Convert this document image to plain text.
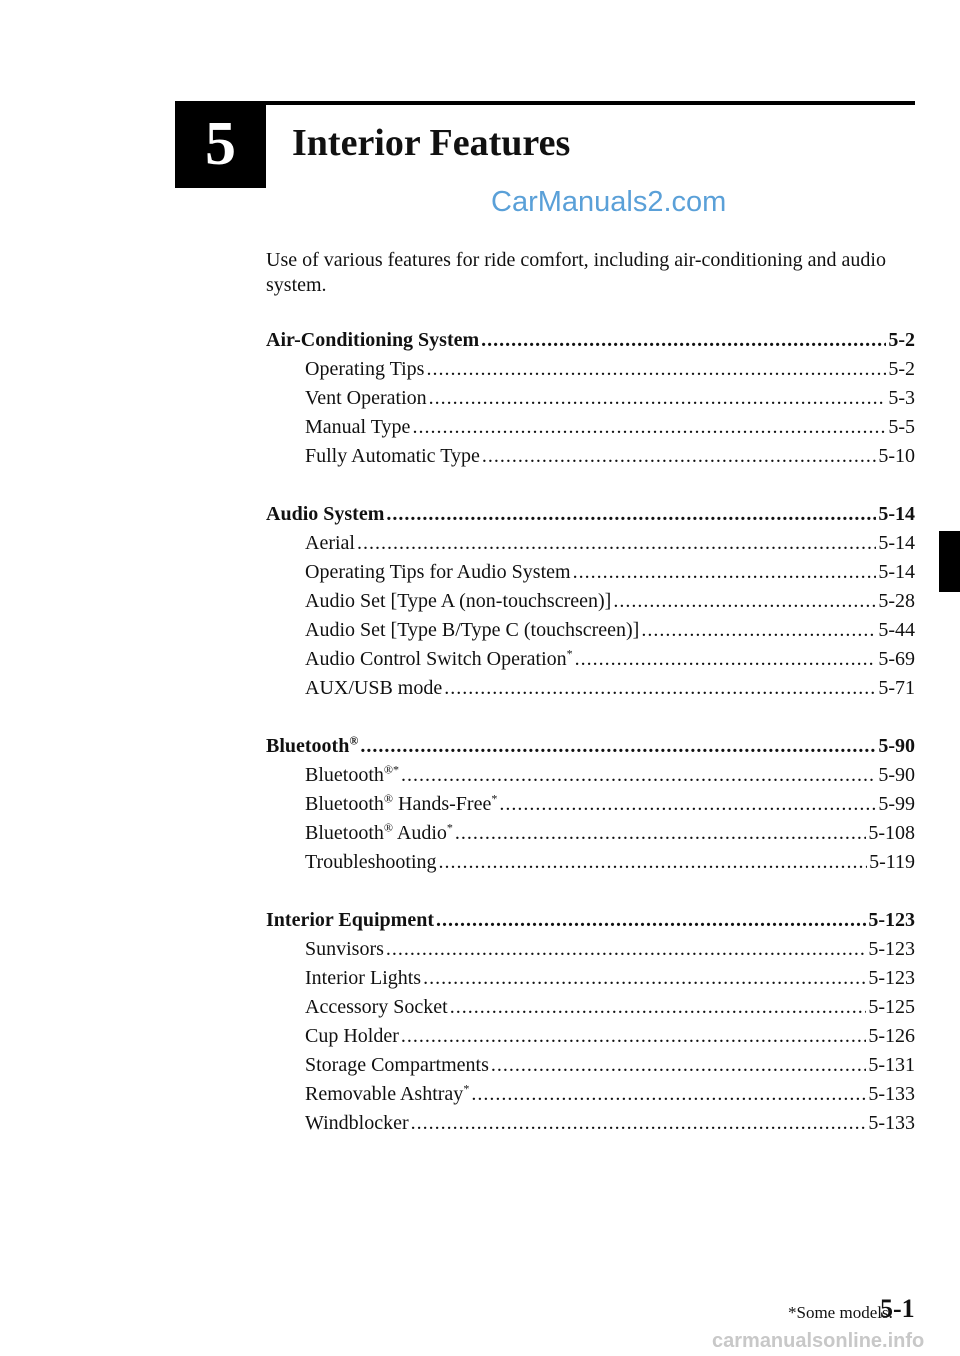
5 Interior Features
CarManuals2.com
Use of various features for ride comfort, including air-conditioning and audio system.
Air-Conditioning System .....	5-2
Operating Tips .....	5-2
Vent Operation .....	5-3
Manual Type .....	5-5
Fully Automatic Type .....	5-10
Audio System .....	5-14
Aerial .....	5-14
Operating Tips for Audio System .....	5-14
Audio Set [Type A (non-touchscreen)] .....	5-28
Audio Set [Type B/Type C (touchscreen)] .....	5-44
Audio Control Switch Operation* .....	5-69
AUX/USB mode .....	5-71
Bluetooth® .....	5-90
Bluetooth®* .....	5-90
Bluetooth® Hands-Free* .....	5-99
Bluetooth® Audio* .....	5-108
Troubleshooting .....	5-119
Interior Equipment .....	5-123
Sunvisors .....	5-123
Interior Lights .....	5-123
Accessory Socket .....	5-125
Cup Holder .....	5-126
Storage Compartments .....	5-131
Removable Ashtray* .....	5-133
Windblocker .....	5-133
*Some models.
5-1
carmanualsonline.info
